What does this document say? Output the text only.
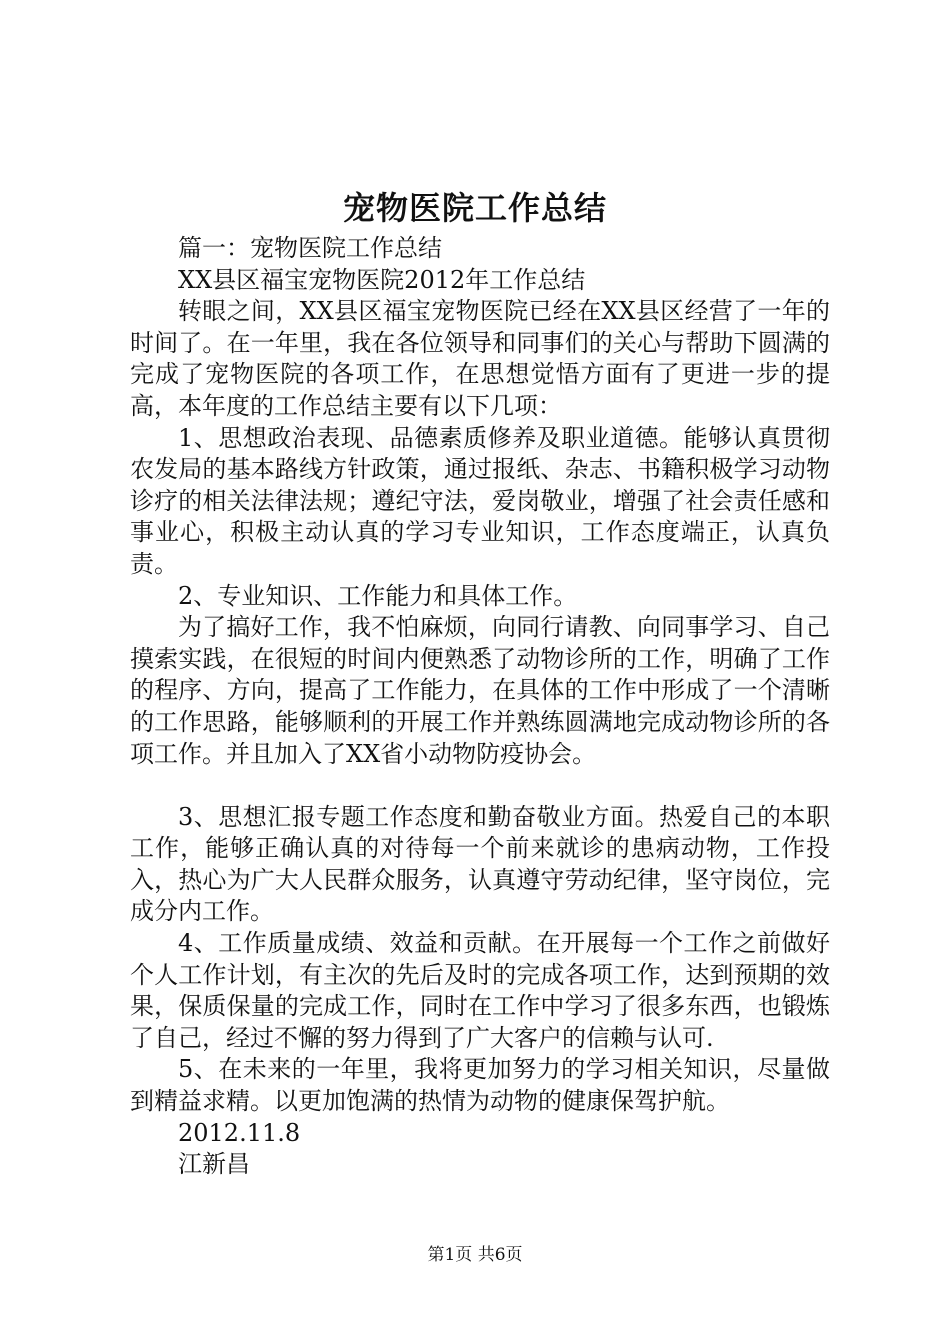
宠物医院工作总结

篇一：宠物医院工作总结

XX县区福宝宠物医院2012年工作总结

转眼之间，XX县区福宝宠物医院已经在XX县区经营了一年的时间了。在一年里，我在各位领导和同事们的关心与帮助下圆满的完成了宠物医院的各项工作，在思想觉悟方面有了更进一步的提高，本年度的工作总结主要有以下几项：

1、思想政治表现、品德素质修养及职业道德。能够认真贯彻农发局的基本路线方针政策，通过报纸、杂志、书籍积极学习动物诊疗的相关法律法规；遵纪守法，爱岗敬业，增强了社会责任感和事业心，积极主动认真的学习专业知识，工作态度端正，认真负责。

2、专业知识、工作能力和具体工作。

为了搞好工作，我不怕麻烦，向同行请教、向同事学习、自己摸索实践，在很短的时间内便熟悉了动物诊所的工作，明确了工作的程序、方向，提高了工作能力，在具体的工作中形成了一个清晰的工作思路，能够顺利的开展工作并熟练圆满地完成动物诊所的各项工作。并且加入了XX省小动物防疫协会。

3、思想汇报专题工作态度和勤奋敬业方面。热爱自己的本职工作，能够正确认真的对待每一个前来就诊的患病动物，工作投入，热心为广大人民群众服务，认真遵守劳动纪律，坚守岗位，完成分内工作。

4、工作质量成绩、效益和贡献。在开展每一个工作之前做好个人工作计划，有主次的先后及时的完成各项工作，达到预期的效果，保质保量的完成工作，同时在工作中学习了很多东西，也锻炼了自己，经过不懈的努力得到了广大客户的信赖与认可.

5、在未来的一年里，我将更加努力的学习相关知识，尽量做到精益求精。以更加饱满的热情为动物的健康保驾护航。

2012.11.8

江新昌

第1页 共6页
